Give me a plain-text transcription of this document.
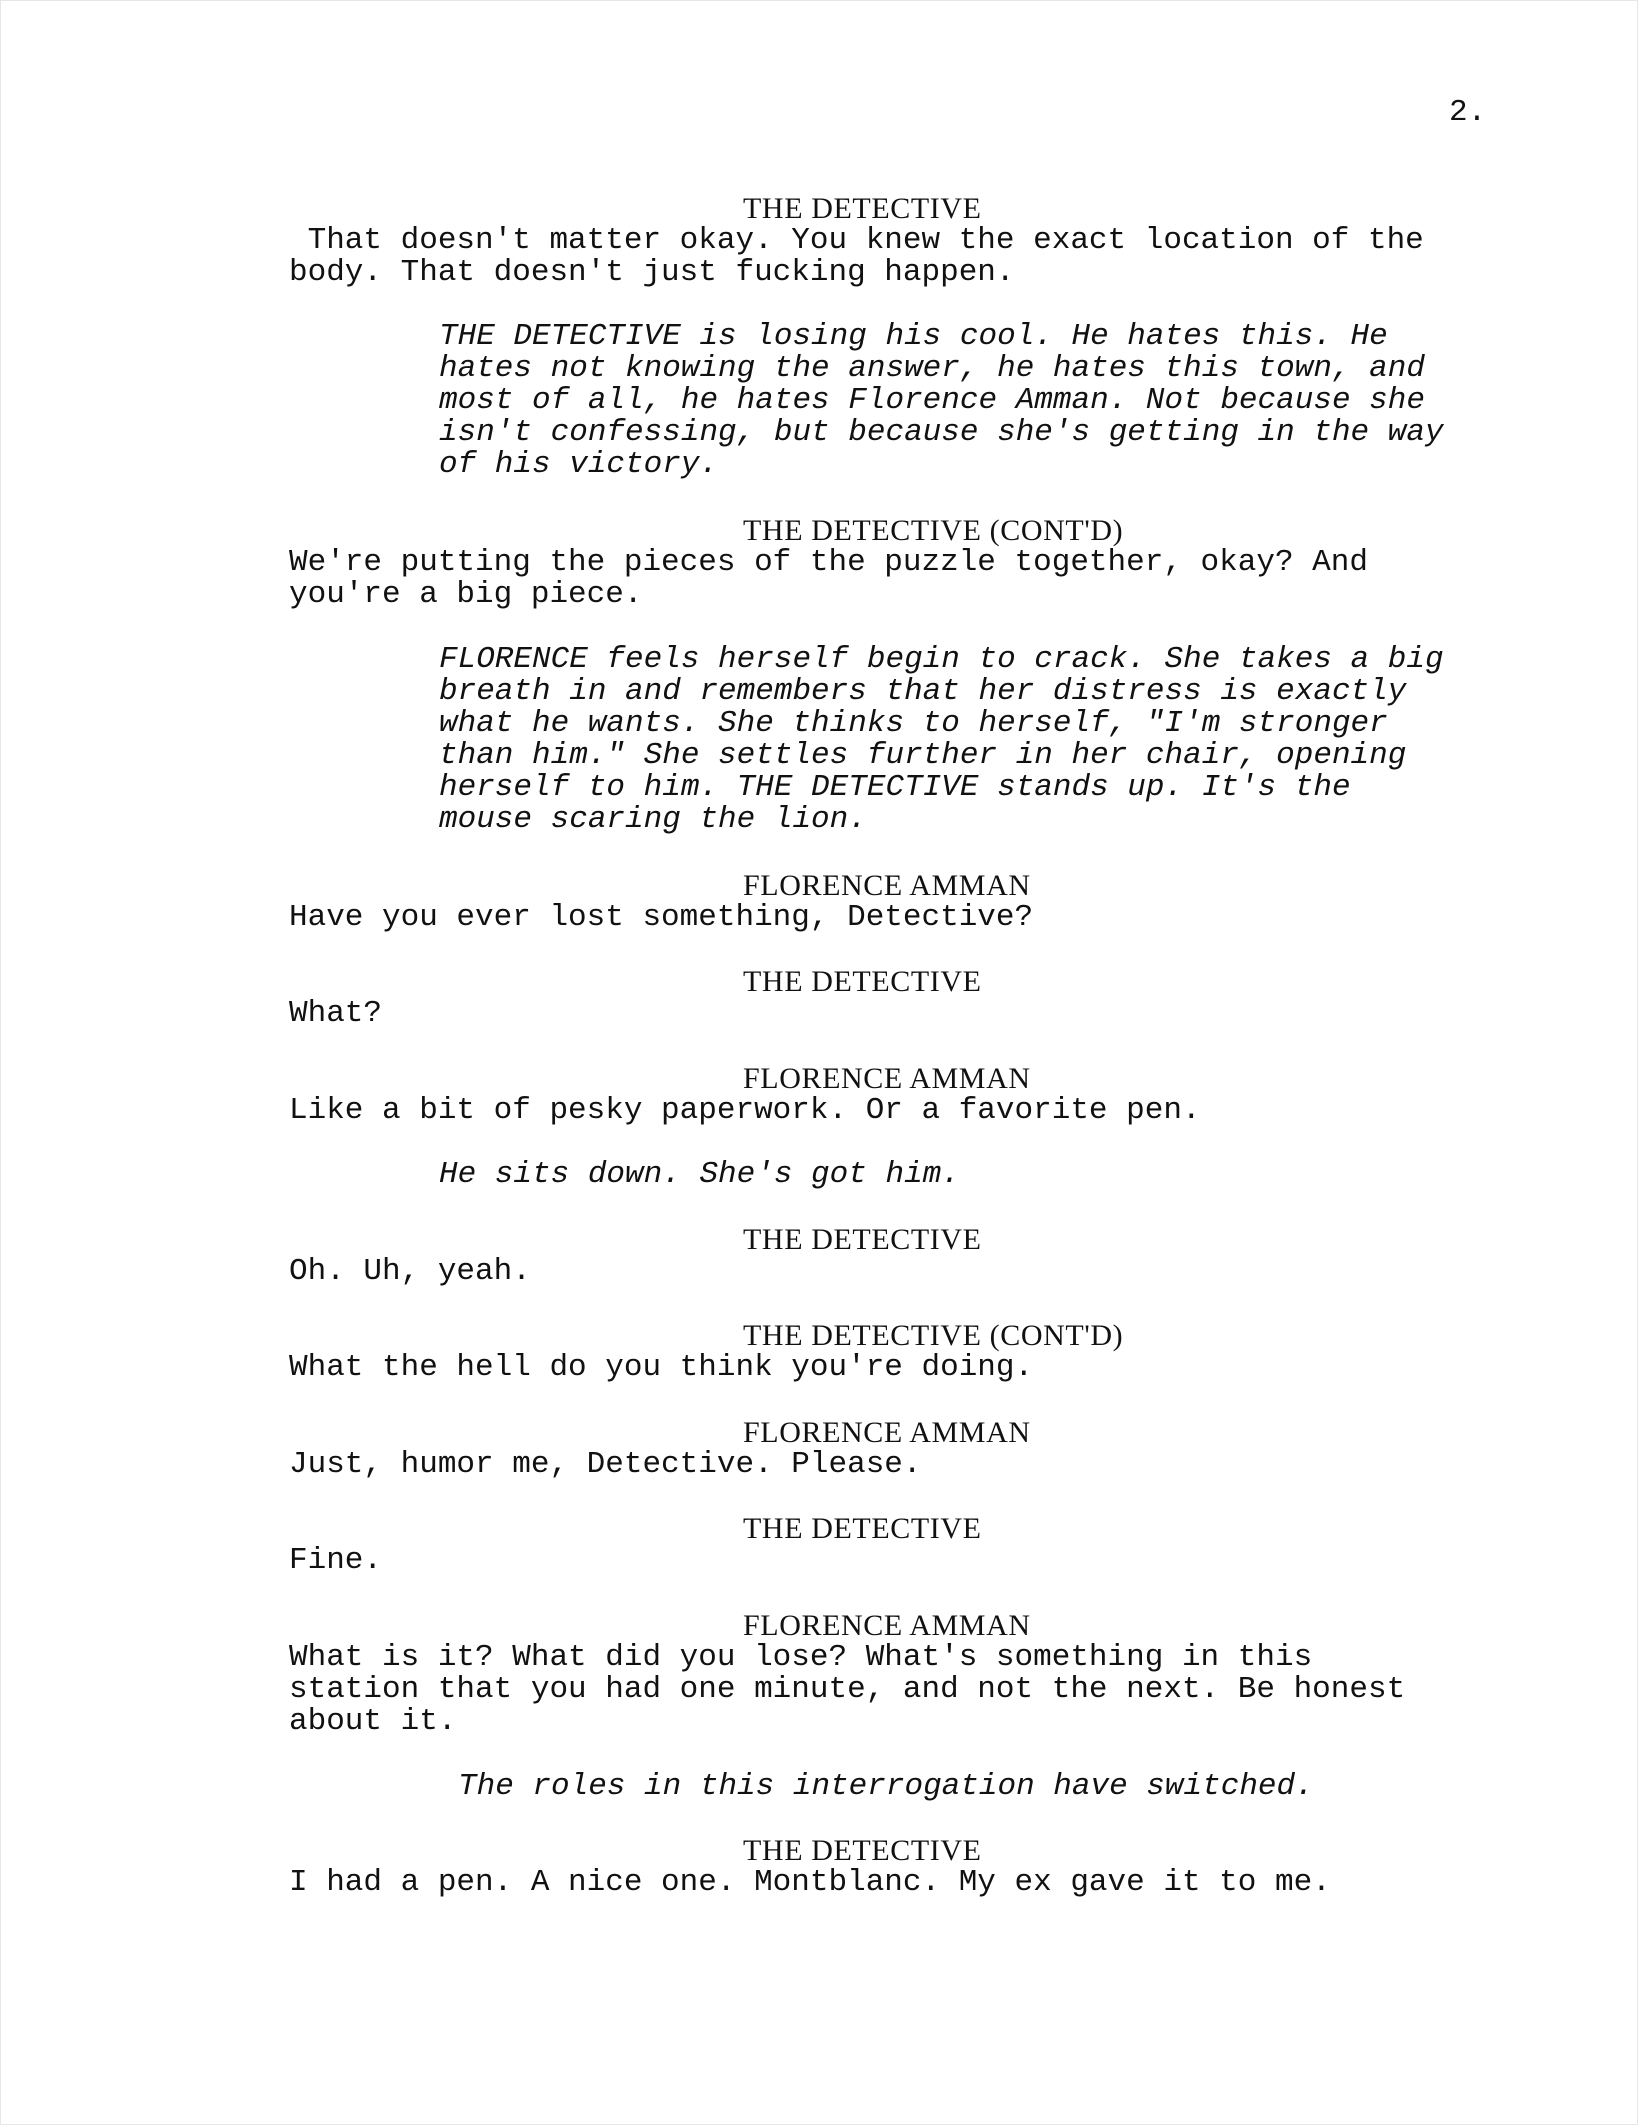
2.
THE DETECTIVE
That doesn't matter okay. You knew the exact location of the
body. That doesn't just fucking happen.
THE DETECTIVE is losing his cool. He hates this. He
hates not knowing the answer, he hates this town, and
most of all, he hates Florence Amman. Not because she
isn't confessing, but because she's getting in the way
of his victory.
THE DETECTIVE (CONT'D)
We're putting the pieces of the puzzle together, okay? And
you're a big piece.
FLORENCE feels herself begin to crack. She takes a big
breath in and remembers that her distress is exactly
what he wants. She thinks to herself, "I'm stronger
than him." She settles further in her chair, opening
herself to him. THE DETECTIVE stands up. It's the
mouse scaring the lion.
FLORENCE AMMAN
Have you ever lost something, Detective?
THE DETECTIVE
What?
FLORENCE AMMAN
Like a bit of pesky paperwork. Or a favorite pen.
He sits down. She's got him.
THE DETECTIVE
Oh. Uh, yeah.
THE DETECTIVE (CONT'D)
What the hell do you think you're doing.
FLORENCE AMMAN
Just, humor me, Detective. Please.
THE DETECTIVE
Fine.
FLORENCE AMMAN
What is it? What did you lose? What's something in this
station that you had one minute, and not the next. Be honest
about it.
The roles in this interrogation have switched.
THE DETECTIVE
I had a pen. A nice one. Montblanc. My ex gave it to me.
